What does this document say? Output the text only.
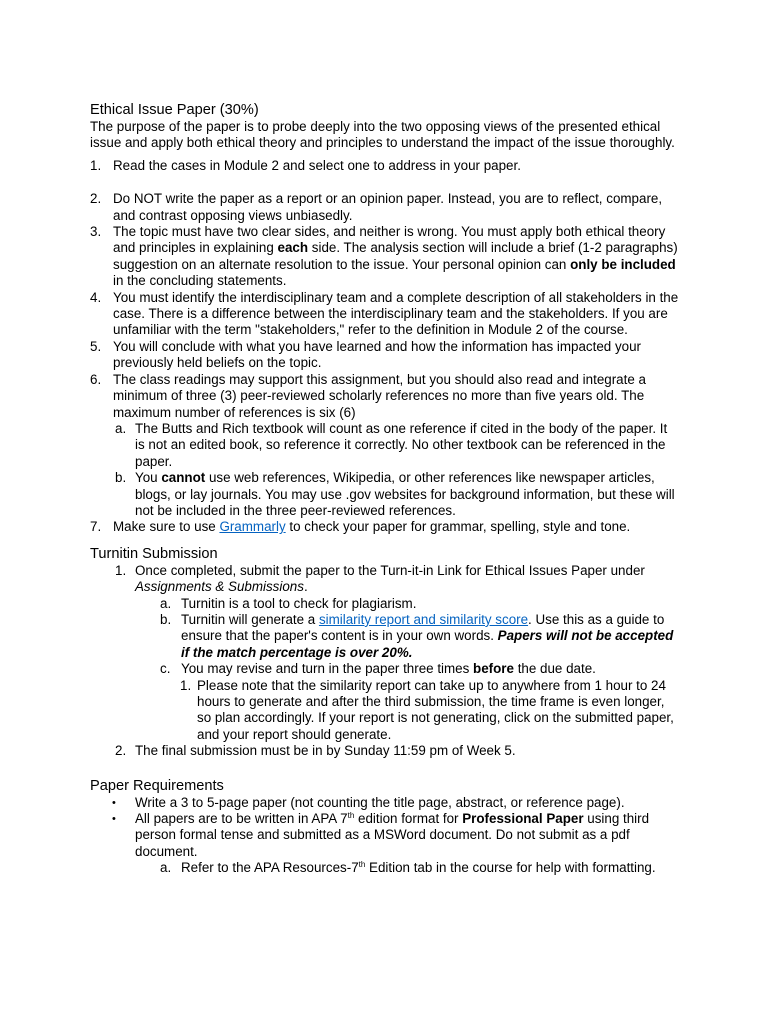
Ethical Issue Paper (30%)

The purpose of the paper is to probe deeply into the two opposing views of the presented ethical issue and apply both ethical theory and principles to understand the impact of the issue thoroughly.

1. Read the cases in Module 2 and select one to address in your paper.
2. Do NOT write the paper as a report or an opinion paper. Instead, you are to reflect, compare, and contrast opposing views unbiasedly.
3. The topic must have two clear sides, and neither is wrong. You must apply both ethical theory and principles in explaining each side. The analysis section will include a brief (1-2 paragraphs) suggestion on an alternate resolution to the issue. Your personal opinion can only be included in the concluding statements.
4. You must identify the interdisciplinary team and a complete description of all stakeholders in the case. There is a difference between the interdisciplinary team and the stakeholders. If you are unfamiliar with the term "stakeholders," refer to the definition in Module 2 of the course.
5. You will conclude with what you have learned and how the information has impacted your previously held beliefs on the topic.
6. The class readings may support this assignment, but you should also read and integrate a minimum of three (3) peer-reviewed scholarly references no more than five years old. The maximum number of references is six (6)
a. The Butts and Rich textbook will count as one reference if cited in the body of the paper. It is not an edited book, so reference it correctly. No other textbook can be referenced in the paper.
b. You cannot use web references, Wikipedia, or other references like newspaper articles, blogs, or lay journals. You may use .gov websites for background information, but these will not be included in the three peer-reviewed references.
7. Make sure to use Grammarly to check your paper for grammar, spelling, style and tone.
Turnitin Submission
1. Once completed, submit the paper to the Turn-it-in Link for Ethical Issues Paper under Assignments & Submissions.
a. Turnitin is a tool to check for plagiarism.
b. Turnitin will generate a similarity report and similarity score. Use this as a guide to ensure that the paper's content is in your own words. Papers will not be accepted if the match percentage is over 20%.
c. You may revise and turn in the paper three times before the due date.
1. Please note that the similarity report can take up to anywhere from 1 hour to 24 hours to generate and after the third submission, the time frame is even longer, so plan accordingly. If your report is not generating, click on the submitted paper, and your report should generate.
2. The final submission must be in by Sunday 11:59 pm of Week 5.
Paper Requirements
• Write a 3 to 5-page paper (not counting the title page, abstract, or reference page).
• All papers are to be written in APA 7th edition format for Professional Paper using third person formal tense and submitted as a MSWord document. Do not submit as a pdf document.
a. Refer to the APA Resources-7th Edition tab in the course for help with formatting.
